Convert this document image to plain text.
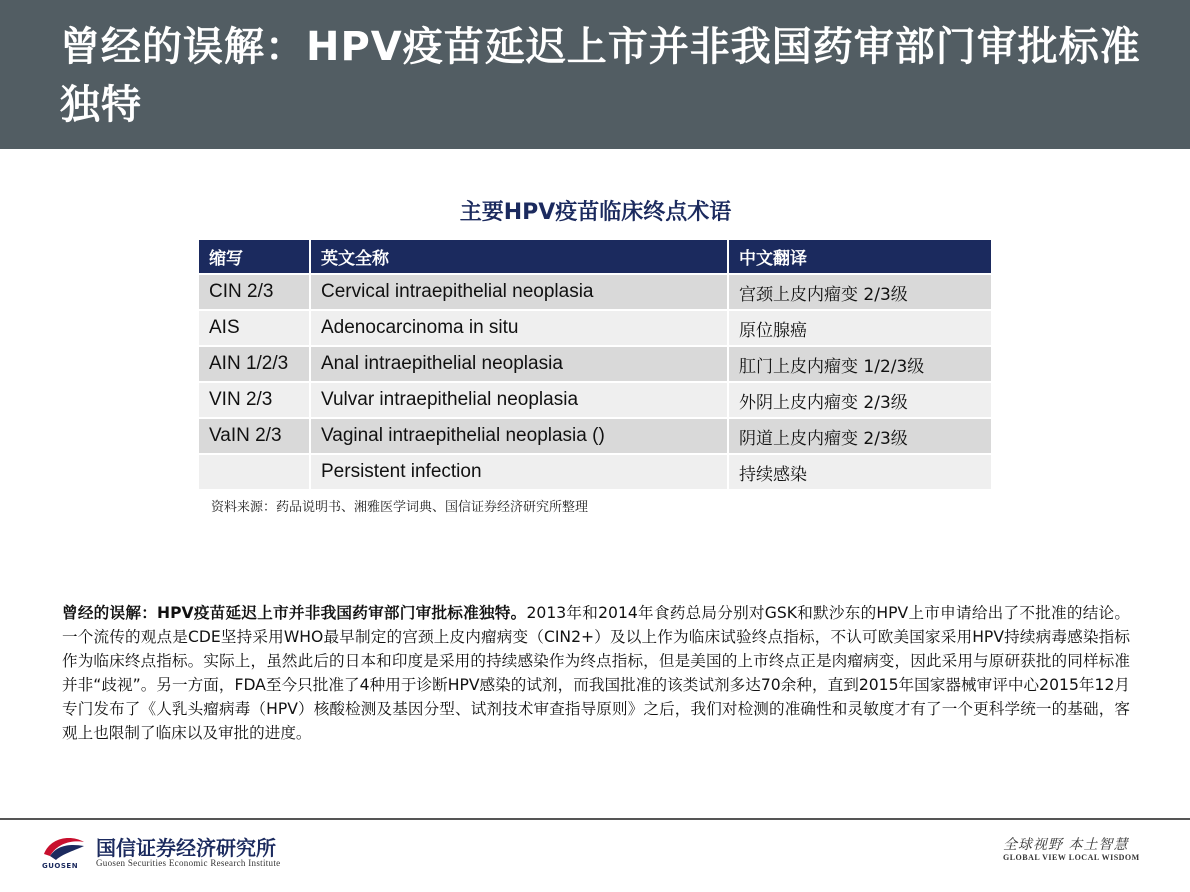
曾经的误解：HPV疫苗延迟上市并非我国药审部门审批标准独特

主要HPV疫苗临床终点术语

缩写	英文全称	中文翻译
CIN 2/3	Cervical intraepithelial neoplasia	宫颈上皮内瘤变 2/3级
AIS	Adenocarcinoma in situ	原位腺癌
AIN 1/2/3	Anal intraepithelial neoplasia	肛门上皮内瘤变 1/2/3级
VIN 2/3	Vulvar intraepithelial neoplasia	外阴上皮内瘤变 2/3级
VaIN 2/3	Vaginal intraepithelial neoplasia ()	阴道上皮内瘤变 2/3级
	Persistent infection	持续感染

资料来源：药品说明书、湘雅医学词典、国信证券经济研究所整理

曾经的误解：HPV疫苗延迟上市并非我国药审部门审批标准独特。2013年和2014年食药总局分别对GSK和默沙东的HPV上市申请给出了不批准的结论。一个流传的观点是CDE坚持采用WHO最早制定的宫颈上皮内瘤病变（CIN2+）及以上作为临床试验终点指标，不认可欧美国家采用HPV持续病毒感染指标作为临床终点指标。实际上，虽然此后的日本和印度是采用的持续感染作为终点指标，但是美国的上市终点正是肉瘤病变，因此采用与原研获批的同样标准并非“歧视”。另一方面，FDA至今只批准了4种用于诊断HPV感染的试剂，而我国批准的该类试剂多达70余种，直到2015年国家器械审评中心2015年12月专门发布了《人乳头瘤病毒（HPV）核酸检测及基因分型、试剂技术审查指导原则》之后，我们对检测的准确性和灵敏度才有了一个更科学统一的基础，客观上也限制了临床以及审批的进度。

GUOSEN
国信证券经济研究所
Guosen Securities Economic Research Institute
全球视野 本土智慧
GLOBAL VIEW LOCAL WISDOM
